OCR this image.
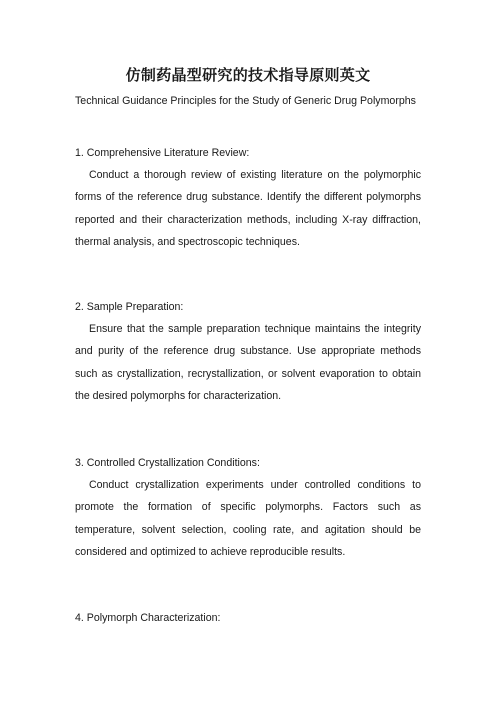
仿制药晶型研究的技术指导原则英文
Technical Guidance Principles for the Study of Generic Drug Polymorphs
1. Comprehensive Literature Review:
Conduct a thorough review of existing literature on the polymorphic forms of the reference drug substance. Identify the different polymorphs reported and their characterization methods, including X-ray diffraction, thermal analysis, and spectroscopic techniques.
2. Sample Preparation:
Ensure that the sample preparation technique maintains the integrity and purity of the reference drug substance. Use appropriate methods such as crystallization, recrystallization, or solvent evaporation to obtain the desired polymorphs for characterization.
3. Controlled Crystallization Conditions:
Conduct crystallization experiments under controlled conditions to promote the formation of specific polymorphs. Factors such as temperature, solvent selection, cooling rate, and agitation should be considered and optimized to achieve reproducible results.
4. Polymorph Characterization:
